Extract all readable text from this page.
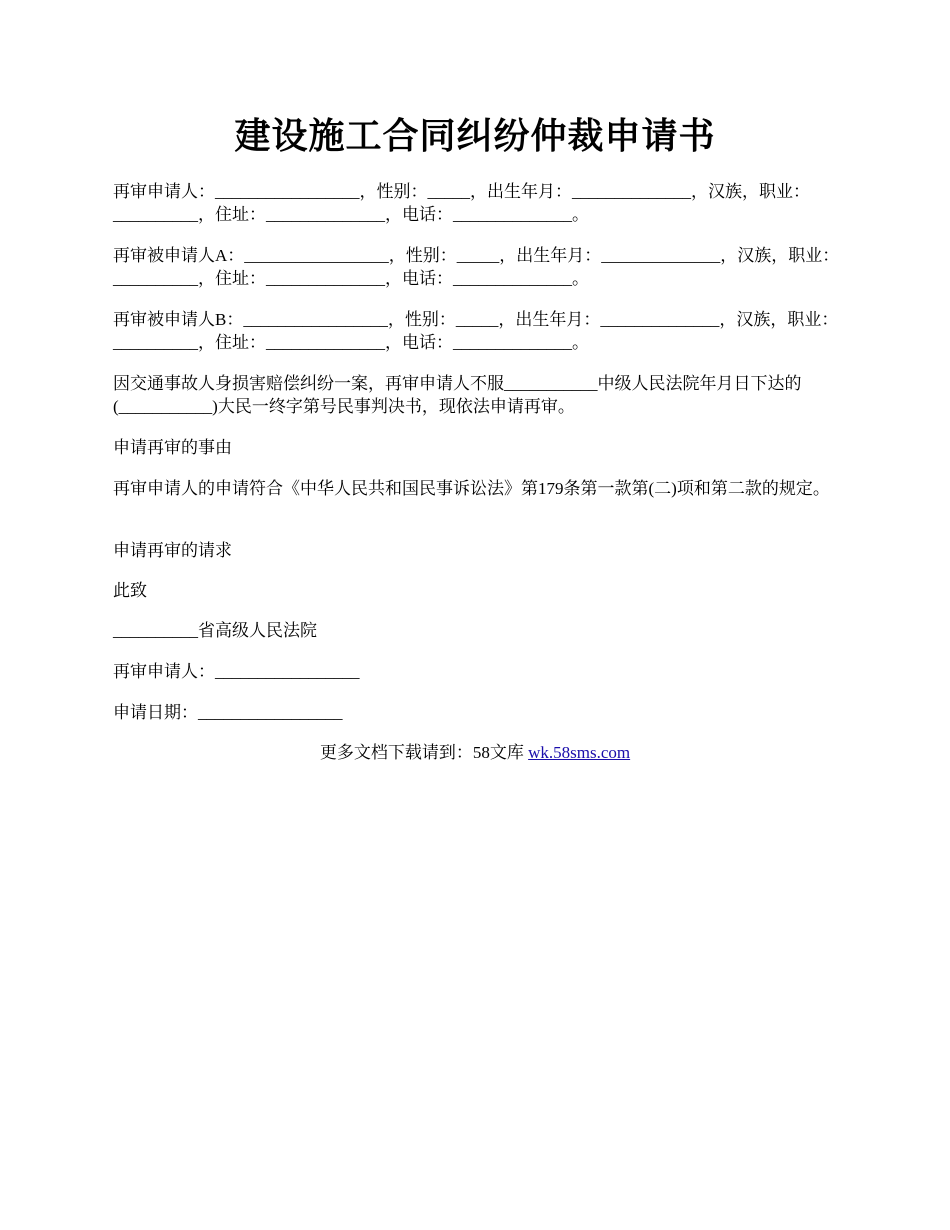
建设施工合同纠纷仲裁申请书
再审申请人：_________________，性别：_____，出生年月：______________，汉族，职业：__________，住址：______________，电话：______________。
再审被申请人A：_________________，性别：_____，出生年月：______________，汉族，职业：__________，住址：______________，电话：______________。
再审被申请人B：_________________，性别：_____，出生年月：______________，汉族，职业：__________，住址：______________，电话：______________。
因交通事故人身损害赔偿纠纷一案，再审申请人不服___________中级人民法院年月日下达的(___________)大民一终字第号民事判决书，现依法申请再审。
申请再审的事由
再审申请人的申请符合《中华人民共和国民事诉讼法》第179条第一款第(二)项和第二款的规定。
申请再审的请求
此致
__________省高级人民法院
再审申请人：_________________
申请日期：_________________
更多文档下载请到：58文库 wk.58sms.com
